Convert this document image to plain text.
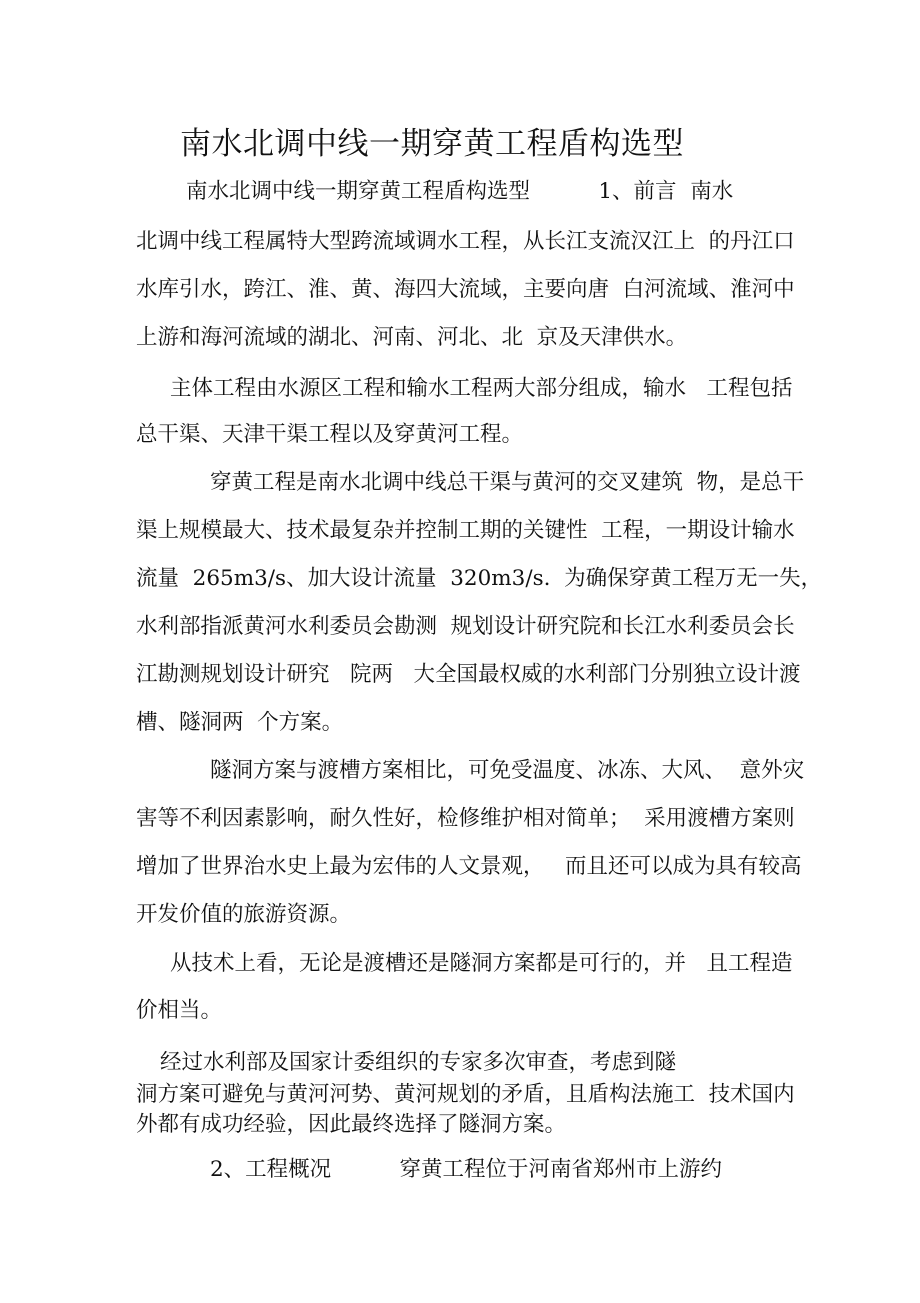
南水北调中线一期穿黄工程盾构选型
南水北调中线一期穿黄工程盾构选型          1、前言  南水
北调中线工程属特大型跨流域调水工程，从长江支流汉江上  的丹江口
水库引水，跨江、淮、黄、海四大流域，主要向唐  白河流域、淮河中
上游和海河流域的湖北、河南、河北、北  京及天津供水。
主体工程由水源区工程和输水工程两大部分组成，输水   工程包括
总干渠、天津干渠工程以及穿黄河工程。
穿黄工程是南水北调中线总干渠与黄河的交叉建筑  物，是总干
渠上规模最大、技术最复杂并控制工期的关键性  工程，一期设计输水
流量  265m3/s、加大设计流量  320m3/s.  为确保穿黄工程万无一失，
水利部指派黄河水利委员会勘测  规划设计研究院和长江水利委员会长
江勘测规划设计研究   院两   大全国最权威的水利部门分别独立设计渡
槽、隧洞两  个方案。
隧洞方案与渡槽方案相比，可免受温度、冰冻、大风、  意外灾
害等不利因素影响，耐久性好，检修维护相对简单；  采用渡槽方案则
增加了世界治水史上最为宏伟的人文景观，   而且还可以成为具有较高
开发价值的旅游资源。
从技术上看，无论是渡槽还是隧洞方案都是可行的，并   且工程造
价相当。
经过水利部及国家计委组织的专家多次审查，考虑到隧
洞方案可避免与黄河河势、黄河规划的矛盾，且盾构法施工  技术国内
外都有成功经验，因此最终选择了隧洞方案。
2、工程概况          穿黄工程位于河南省郑州市上游约
